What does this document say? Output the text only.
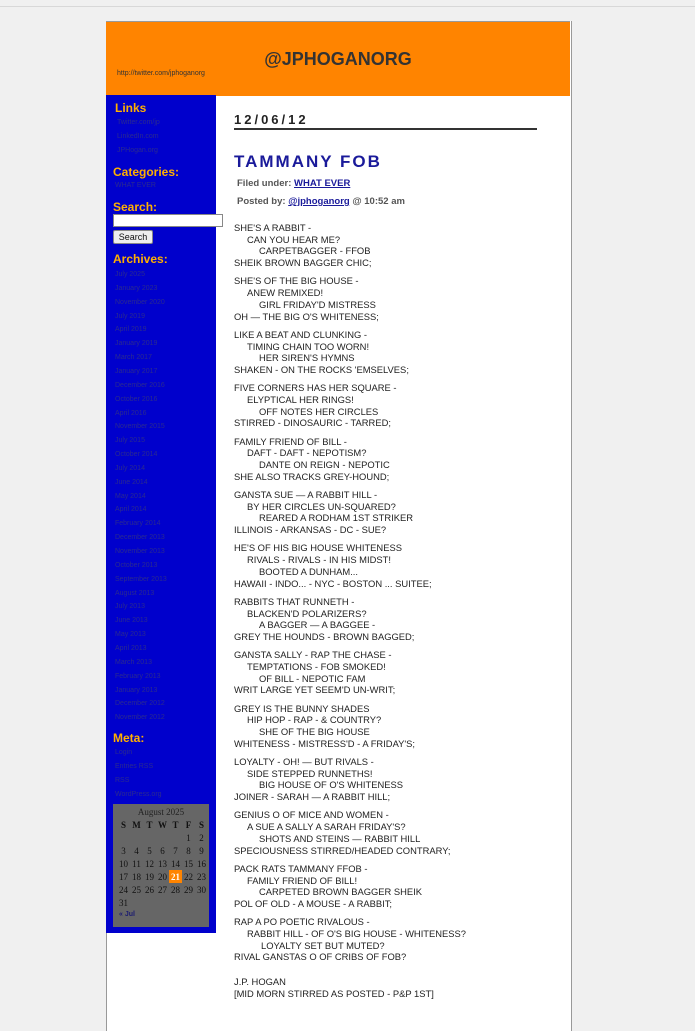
@JPHOGANORG
http://twitter.com/jphoganorg
Links
Twitter.com/jp
LinkedIn.com
JPHogan.org
Categories:
WHAT EVER
Search:
Search
Archives:
July 2025
January 2023
November 2020
July 2019
April 2019
January 2019
March 2017
January 2017
December 2016
October 2016
April 2016
November 2015
July 2015
October 2014
July 2014
June 2014
May 2014
April 2014
February 2014
December 2013
November 2013
October 2013
September 2013
August 2013
July 2013
June 2013
May 2013
April 2013
March 2013
February 2013
January 2013
December 2012
November 2012
Meta:
Login
Entries RSS
RSS
WordPress.org
August 2025
S	M	T	W	T	F	S
					1	2
3	4	5	6	7	8	9
10	11	12	13	14	15	16
17	18	19	20	21	22	23
24	25	26	27	28	29	30
31						
« Jul
12/06/12
TAMMANY FOB
Filed under: WHAT EVER
Posted by: @jphoganorg @ 10:52 am
SHE'S A RABBIT -
CAN YOU HEAR ME?
CARPETBAGGER - FFOB
SHEIK BROWN BAGGER CHIC;
SHE'S OF THE BIG HOUSE -
ANEW REMIXED!
GIRL FRIDAY'D MISTRESS
OH — THE BIG O'S WHITENESS;
LIKE A BEAT AND CLUNKING -
TIMING CHAIN TOO WORN!
HER SIREN'S HYMNS
SHAKEN - ON THE ROCKS 'EMSELVES;
FIVE CORNERS HAS HER SQUARE -
ELYPTICAL HER RINGS!
OFF NOTES HER CIRCLES
STIRRED - DINOSAURIC - TARRED;
FAMILY FRIEND OF BILL -
DAFT - DAFT - NEPOTISM?
DANTE ON REIGN - NEPOTIC
SHE ALSO TRACKS GREY-HOUND;
GANSTA SUE — A RABBIT HILL -
BY HER CIRCLES UN-SQUARED?
REARED A RODHAM 1ST STRIKER
ILLINOIS - ARKANSAS - DC - SUE?
HE'S OF HIS BIG HOUSE WHITENESS
RIVALS - RIVALS - IN HIS MIDST!
BOOTED A DUNHAM...
HAWAII - INDO... - NYC - BOSTON ... SUITEE;
RABBITS THAT RUNNETH -
BLACKEN'D POLARIZERS?
A BAGGER — A BAGGEE -
GREY THE HOUNDS - BROWN BAGGED;
GANSTA SALLY - RAP THE CHASE -
TEMPTATIONS - FOB SMOKED!
OF BILL - NEPOTIC FAM
WRIT LARGE YET SEEM'D UN-WRIT;
GREY IS THE BUNNY SHADES
HIP HOP - RAP - & COUNTRY?
SHE OF THE BIG HOUSE
WHITENESS - MISTRESS'D - A FRIDAY'S;
LOYALTY - OH! — BUT RIVALS -
SIDE STEPPED RUNNETHS!
BIG HOUSE OF O'S WHITENESS
JOINER - SARAH — A RABBIT HILL;
GENIUS O OF MICE AND WOMEN -
A SUE A SALLY A SARAH FRIDAY'S?
SHOTS AND STEINS — RABBIT HILL
SPECIOUSNESS STIRRED/HEADED CONTRARY;
PACK RATS TAMMANY FFOB -
FAMILY FRIEND OF BILL!
CARPETED BROWN BAGGER SHEIK
POL OF OLD - A MOUSE - A RABBIT;
RAP A PO POETIC RIVALOUS -
RABBIT HILL - OF O'S BIG HOUSE - WHITENESS?
LOYALTY SET BUT MUTED?
RIVAL GANSTAS O OF CRIBS OF FOB?
J.P. HOGAN
[MID MORN STIRRED AS POSTED - P&P 1ST]
